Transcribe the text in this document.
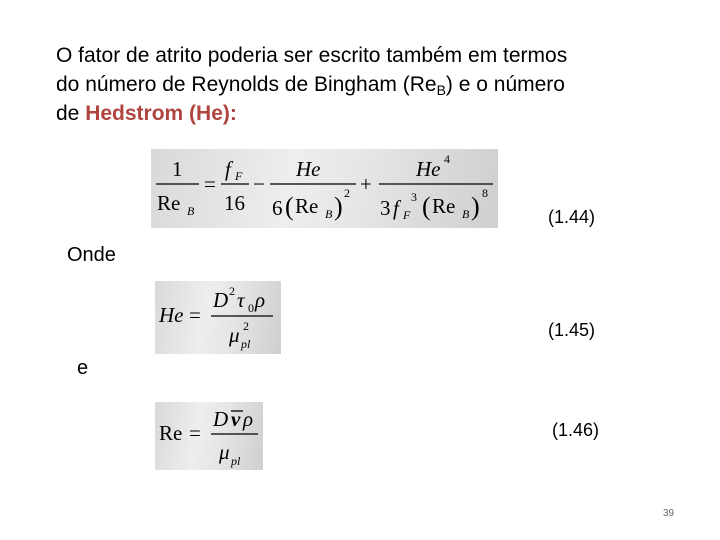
O fator de atrito poderia ser escrito também em termos
do número de Reynolds de Bingham $(Re_B)$ e o número
de Hedstrom (He):
1
Re B
=
f F
16
−
He
6 ( Re B ) 2 +
He 4
3 f F
3 ( Re B ) 8
(1.44)
Onde
He =
D 2 τ 0 ρ
μ pl
2	(1.45)
e
Re =
D v ρ
μ pl
(1.46)
39
